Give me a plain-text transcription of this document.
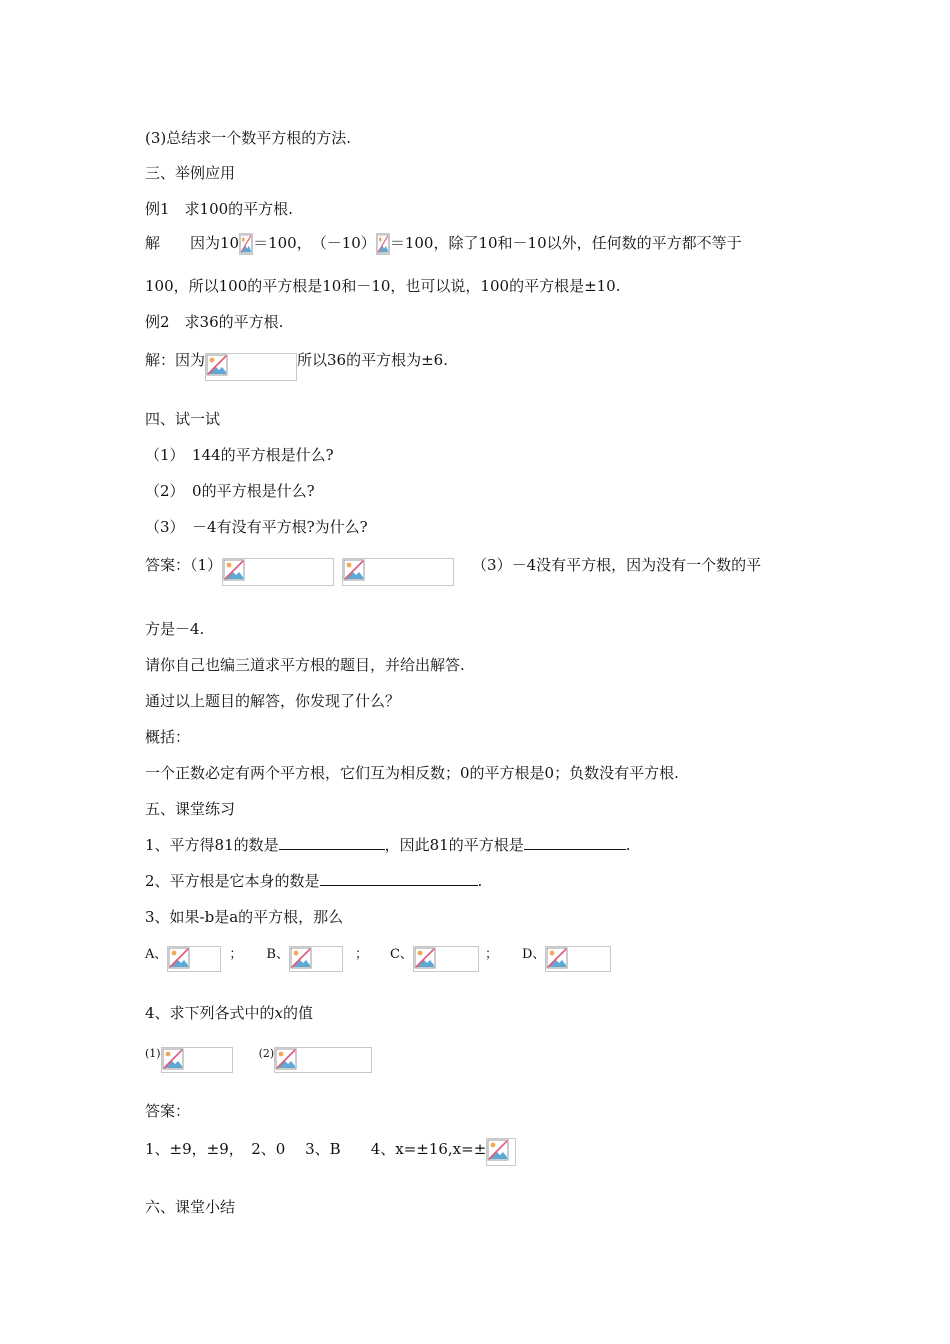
(3)总结求一个数平方根的方法.
三、举例应用
例1　求100的平方根.
解　　因为10 ＝100，　（－10） ＝100，除了10和－10以外，任何数的平方都不等于
100，所以100的平方根是10和－10，也可以说，100的平方根是±10.
例2　求36的平方根.
解：因为	所以36的平方根为±6.
四、试一试
（1）　144的平方根是什么?
（2）　0的平方根是什么?
（3）　－4有没有平方根?为什么?
答案：（1）	（3）－4没有平方根，因为没有一个数的平
方是－4.
请你自己也编三道求平方根的题目，并给出解答.
通过以上题目的解答，你发现了什么？
概括：
一个正数必定有两个平方根，它们互为相反数；0的平方根是0；负数没有平方根.
五、课堂练习
1、平方得81的数是	，因此81的平方根是	.
2、平方根是它本身的数是	.
3、如果-b是a的平方根，那么
A、	； B、	； C、	； D、
4、求下列各式中的x的值
$^{(1)}$	$^{(2)}$
答案：
1、±9，±9，　2、0　 3、B　　4、x=±16,x=±
六、课堂小结
